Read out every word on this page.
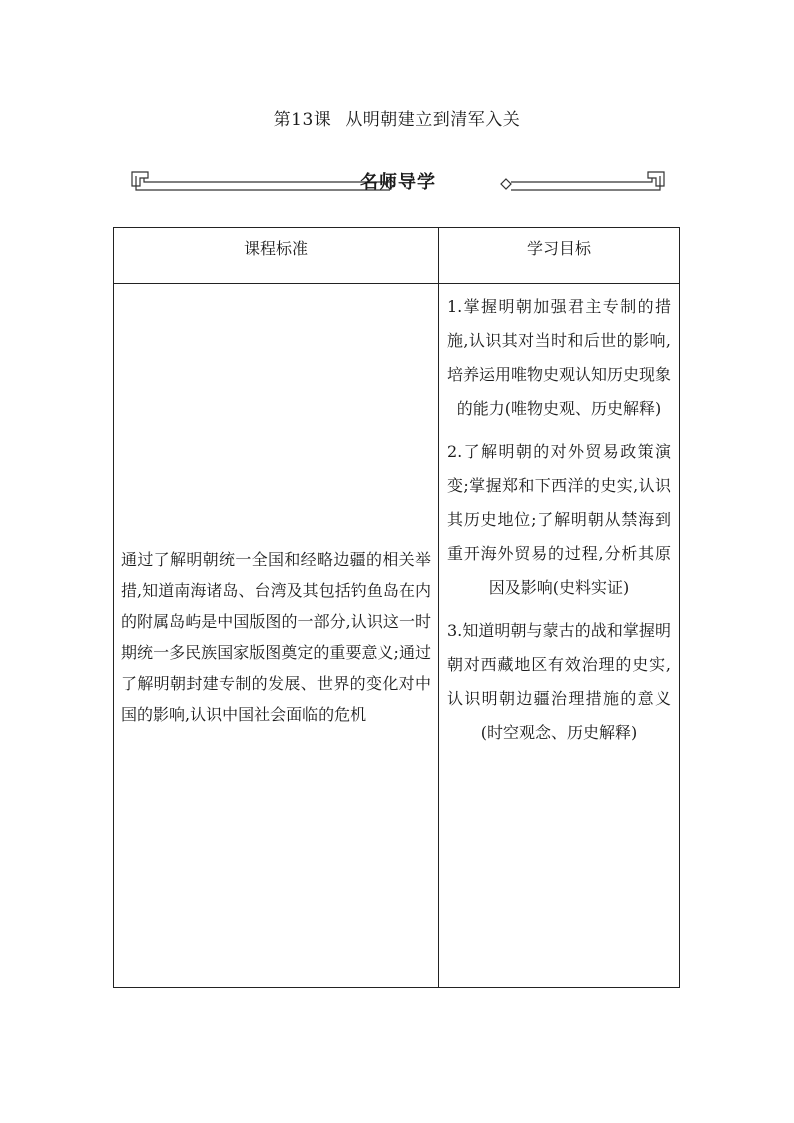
第13课 从明朝建立到清军入关
名师导学
课程标准	学习目标
通过了解明朝统一全国和经略边疆的相关举措,知道南海诸岛、台湾及其包括钓鱼岛在内的附属岛屿是中国版图的一部分,认识这一时期统一多民族国家版图奠定的重要意义;通过了解明朝封建专制的发展、世界的变化对中国的影响,认识中国社会面临的危机
1.掌握明朝加强君主专制的措施,认识其对当时和后世的影响,培养运用唯物史观认知历史现象的能力(唯物史观、历史解释)
2.了解明朝的对外贸易政策演变;掌握郑和下西洋的史实,认识其历史地位;了解明朝从禁海到重开海外贸易的过程,分析其原因及影响(史料实证)
3.知道明朝与蒙古的战和掌握明朝对西藏地区有效治理的史实,认识明朝边疆治理措施的意义(时空观念、历史解释)
